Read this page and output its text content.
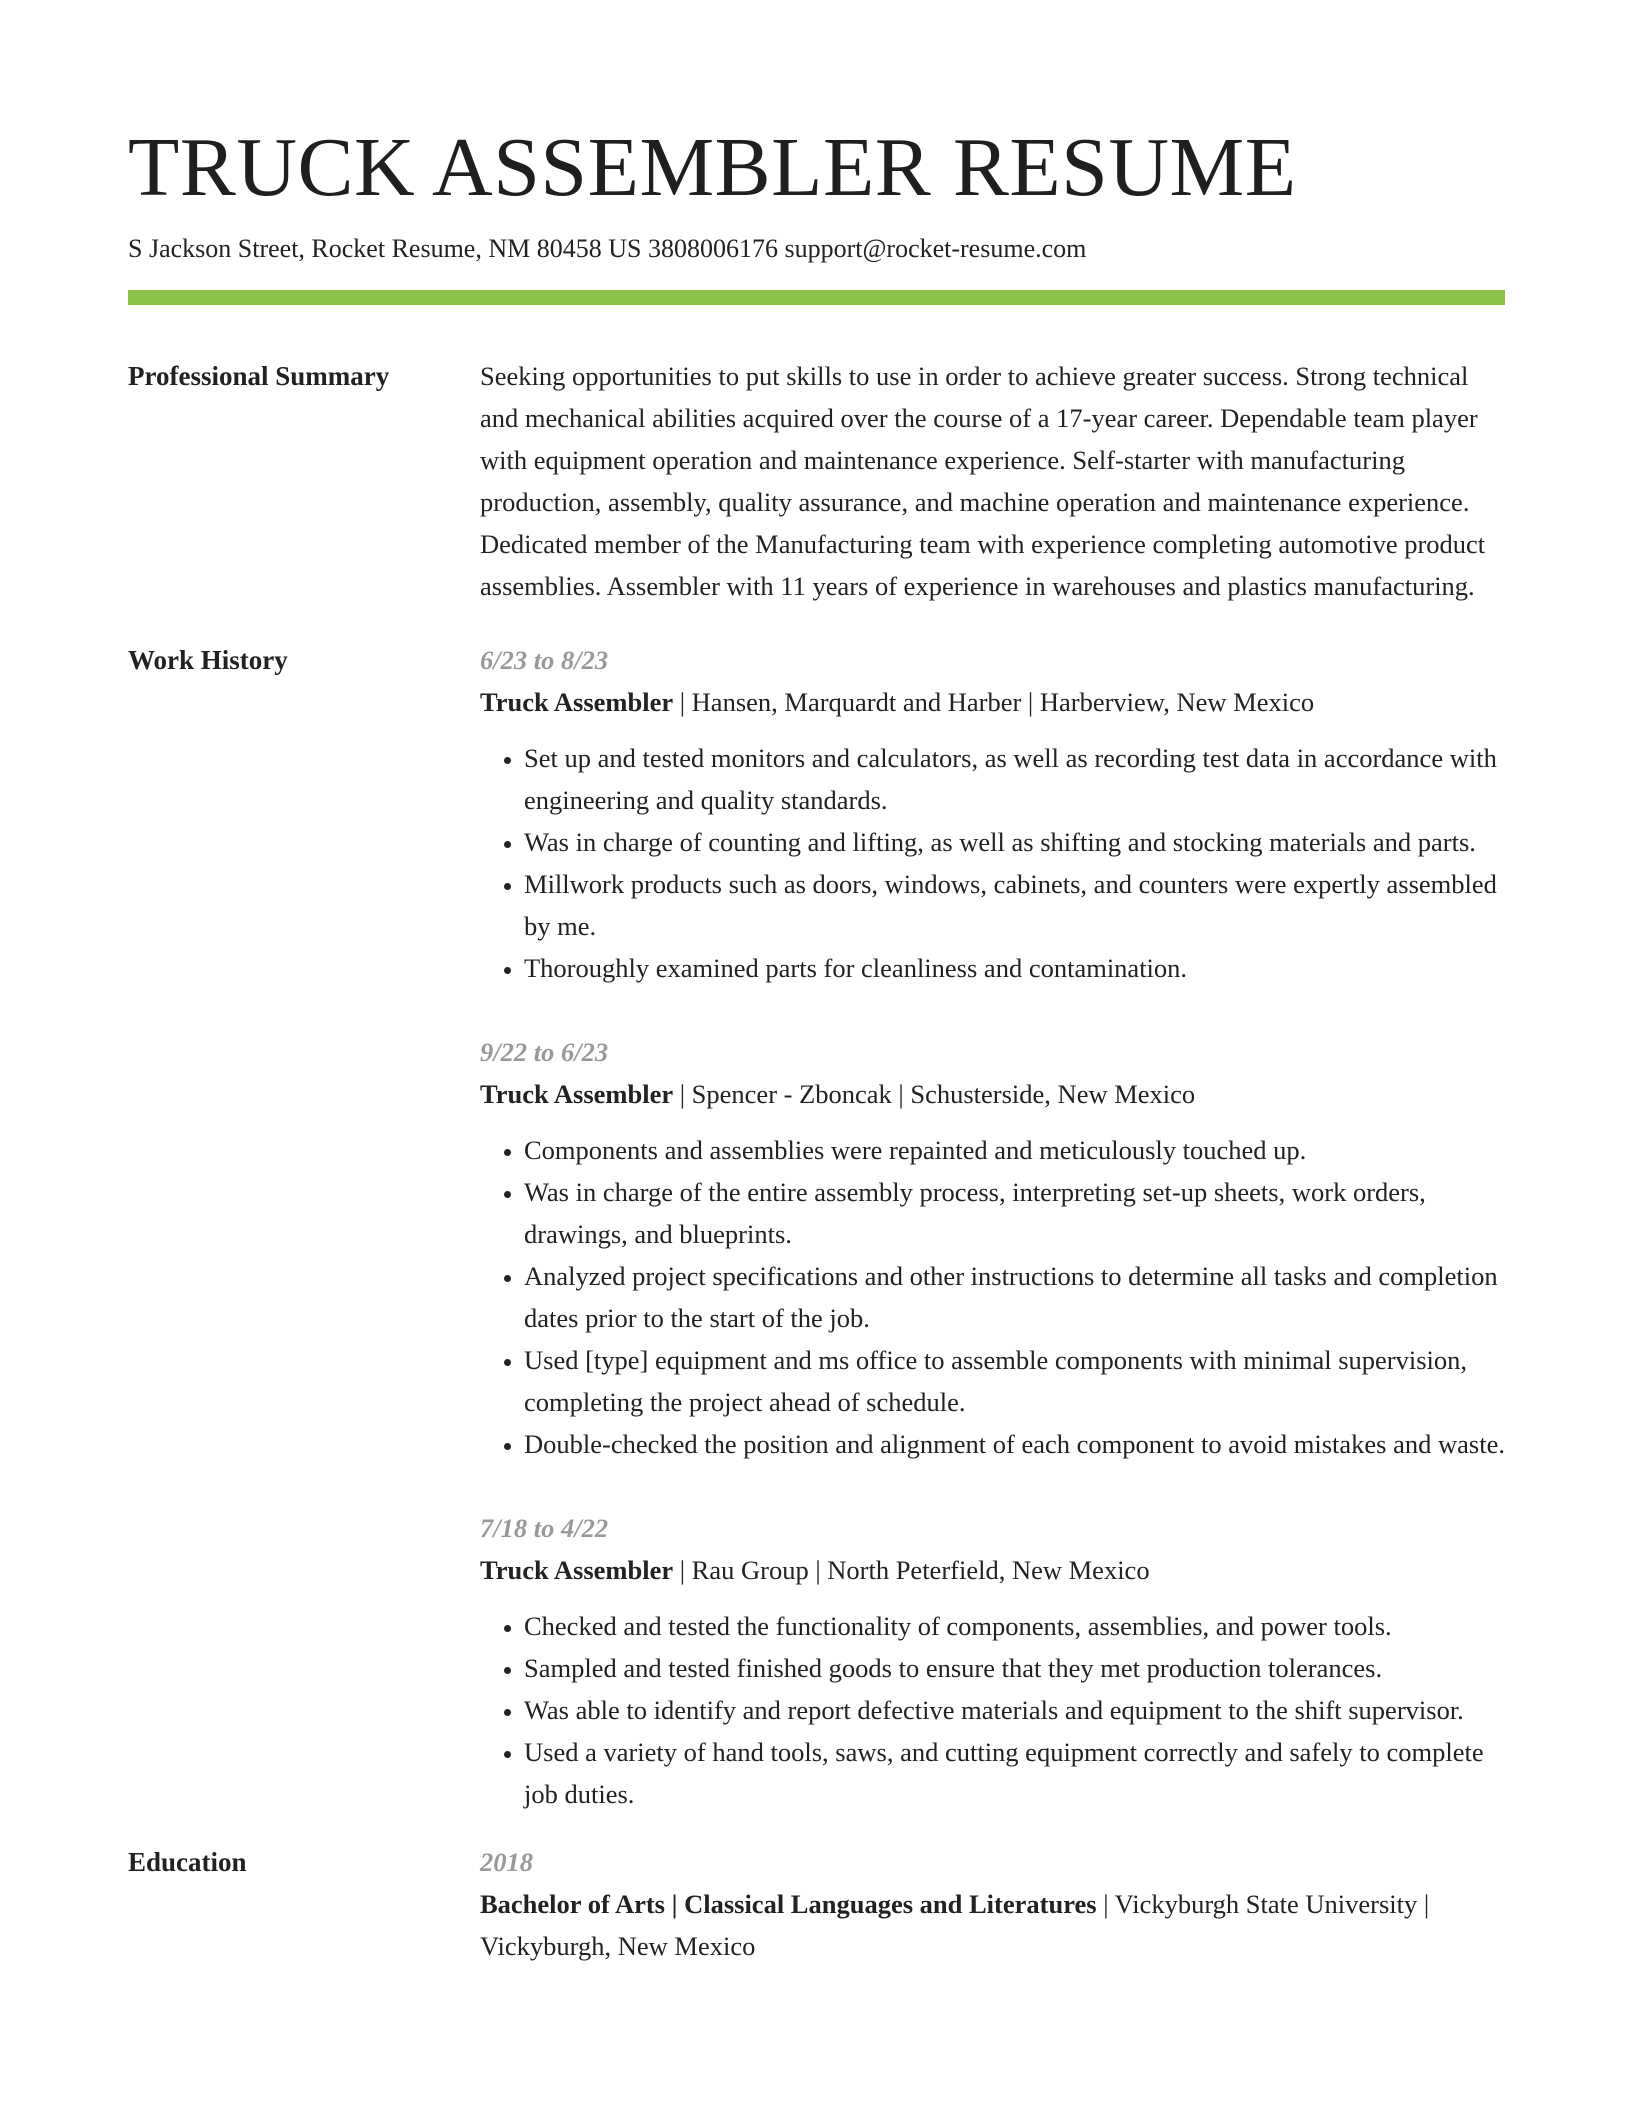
TRUCK ASSEMBLER RESUME
S Jackson Street, Rocket Resume, NM 80458 US 3808006176 support@rocket-resume.com
Professional Summary	Seeking opportunities to put skills to use in order to achieve greater success. Strong technical and mechanical abilities acquired over the course of a 17-year career. Dependable team player with equipment operation and maintenance experience. Self-starter with manufacturing production, assembly, quality assurance, and machine operation and maintenance experience. Dedicated member of the Manufacturing team with experience completing automotive product assemblies. Assembler with 11 years of experience in warehouses and plastics manufacturing.
Work History	6/23 to 8/23
Truck Assembler | Hansen, Marquardt and Harber | Harberview, New Mexico
• Set up and tested monitors and calculators, as well as recording test data in accordance with engineering and quality standards.
• Was in charge of counting and lifting, as well as shifting and stocking materials and parts.
• Millwork products such as doors, windows, cabinets, and counters were expertly assembled by me.
• Thoroughly examined parts for cleanliness and contamination.
9/22 to 6/23
Truck Assembler | Spencer - Zboncak | Schusterside, New Mexico
• Components and assemblies were repainted and meticulously touched up.
• Was in charge of the entire assembly process, interpreting set-up sheets, work orders, drawings, and blueprints.
• Analyzed project specifications and other instructions to determine all tasks and completion dates prior to the start of the job.
• Used [type] equipment and ms office to assemble components with minimal supervision, completing the project ahead of schedule.
• Double-checked the position and alignment of each component to avoid mistakes and waste.
7/18 to 4/22
Truck Assembler | Rau Group | North Peterfield, New Mexico
• Checked and tested the functionality of components, assemblies, and power tools.
• Sampled and tested finished goods to ensure that they met production tolerances.
• Was able to identify and report defective materials and equipment to the shift supervisor.
• Used a variety of hand tools, saws, and cutting equipment correctly and safely to complete job duties.
Education	2018
Bachelor of Arts | Classical Languages and Literatures | Vickyburgh State University | Vickyburgh, New Mexico
